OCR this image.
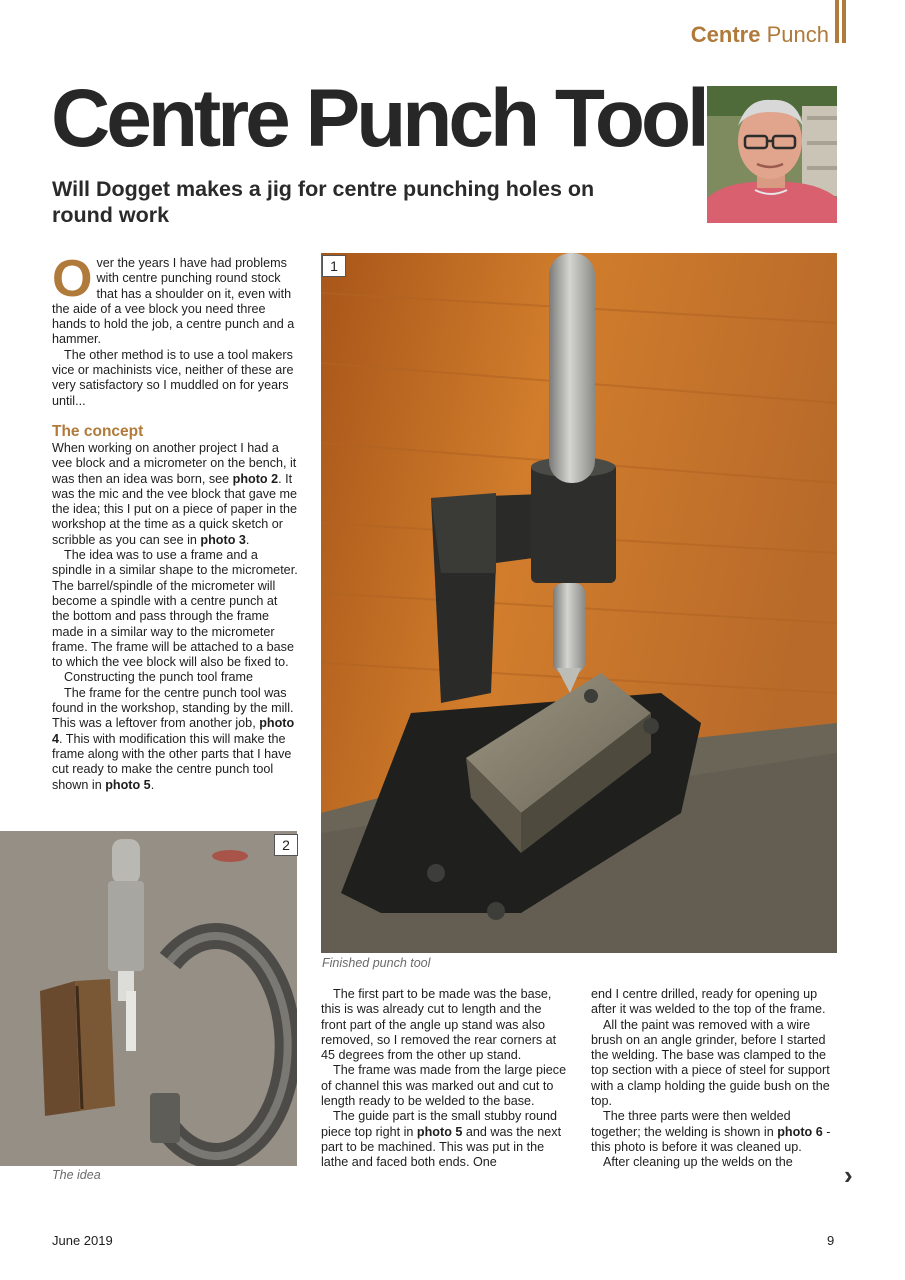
Centre Punch
Centre Punch Tool
Will Dogget makes a jig for centre punching holes on round work

Over the years I have had problems with centre punching round stock that has a shoulder on it, even with the aide of a vee block you need three hands to hold the job, a centre punch and a hammer.

The other method is to use a tool makers vice or machinists vice, neither of these are very satisfactory so I muddled on for years until...

The concept

When working on another project I had a vee block and a micrometer on the bench, it was then an idea was born, see photo 2. It was the mic and the vee block that gave me the idea; this I put on a piece of paper in the workshop at the time as a quick sketch or scribble as you can see in photo 3.

The idea was to use a frame and a spindle in a similar shape to the micrometer. The barrel/spindle of the micrometer will become a spindle with a centre punch at the bottom and pass through the frame made in a similar way to the micrometer frame. The frame will be attached to a base to which the vee block will also be fixed to.

Constructing the punch tool frame

The frame for the centre punch tool was found in the workshop, standing by the mill. This was a leftover from another job, photo 4. This with modification this will make the frame along with the other parts that I have cut ready to make the centre punch tool shown in photo 5.

1
Finished punch tool
2
The idea

The first part to be made was the base, this is was already cut to length and the front part of the angle up stand was also removed, so I removed the rear corners at 45 degrees from the other up stand.

The frame was made from the large piece of channel this was marked out and cut to length ready to be welded to the base.

The guide part is the small stubby round piece top right in photo 5 and was the next part to be machined. This was put in the lathe and faced both ends. One

end I centre drilled, ready for opening up after it was welded to the top of the frame.

All the paint was removed with a wire brush on an angle grinder, before I started the welding. The base was clamped to the top section with a piece of steel for support with a clamp holding the guide bush on the top.

The three parts were then welded together; the welding is shown in photo 6 - this photo is before it was cleaned up.

After cleaning up the welds on the	›
June 2019	9
